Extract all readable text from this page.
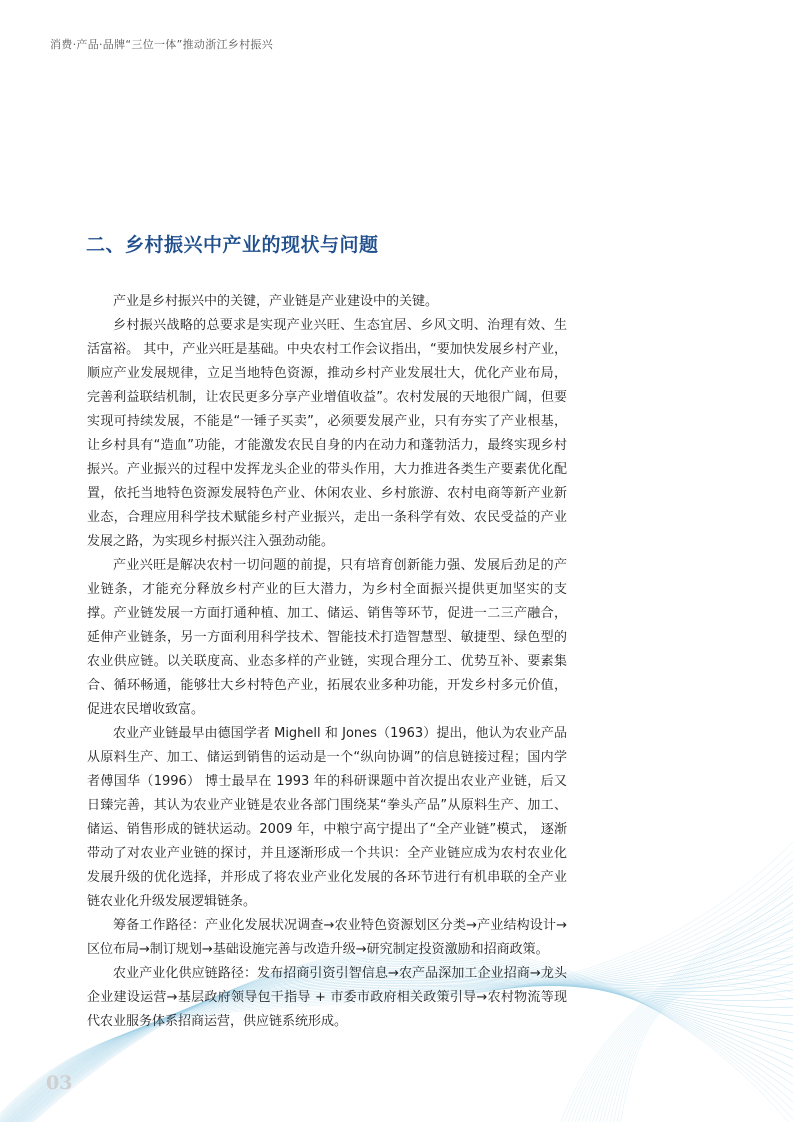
消费·产品·品牌“三位一体”推动浙江乡村振兴
二、乡村振兴中产业的现状与问题

产业是乡村振兴中的关键，产业链是产业建设中的关键。

乡村振兴战略的总要求是实现产业兴旺、生态宜居、乡风文明、治理有效、生活富裕。 其中，产业兴旺是基础。中央农村工作会议指出，“要加快发展乡村产业，顺应产业发展规律，立足当地特色资源，推动乡村产业发展壮大，优化产业布局，完善利益联结机制，让农民更多分享产业增值收益”。农村发展的天地很广阔，但要实现可持续发展，不能是“一锤子买卖”，必须要发展产业，只有夯实了产业根基，让乡村具有“造血”功能，才能激发农民自身的内在动力和蓬勃活力，最终实现乡村振兴。产业振兴的过程中发挥龙头企业的带头作用，大力推进各类生产要素优化配置，依托当地特色资源发展特色产业、休闲农业、乡村旅游、农村电商等新产业新业态，合理应用科学技术赋能乡村产业振兴，走出一条科学有效、农民受益的产业发展之路，为实现乡村振兴注入强劲动能。

产业兴旺是解决农村一切问题的前提，只有培育创新能力强、发展后劲足的产业链条，才能充分释放乡村产业的巨大潜力，为乡村全面振兴提供更加坚实的支撑。产业链发展一方面打通种植、加工、储运、销售等环节，促进一二三产融合，延伸产业链条，另一方面利用科学技术、智能技术打造智慧型、敏捷型、绿色型的农业供应链。以关联度高、业态多样的产业链，实现合理分工、优势互补、要素集合、循环畅通，能够壮大乡村特色产业，拓展农业多种功能，开发乡村多元价值，促进农民增收致富。

农业产业链最早由德国学者 Mighell 和 Jones（1963）提出，他认为农业产品从原料生产、加工、储运到销售的运动是一个“纵向协调”的信息链接过程；国内学者傅国华（1996） 博士最早在 1993 年的科研课题中首次提出农业产业链，后又日臻完善，其认为农业产业链是农业各部门围绕某“拳头产品”从原料生产、加工、储运、销售形成的链状运动。2009 年，中粮宁高宁提出了“全产业链”模式， 逐渐带动了对农业产业链的探讨，并且逐渐形成一个共识：全产业链应成为农村农业化发展升级的优化选择，并形成了将农业产业化发展的各环节进行有机串联的全产业链农业化升级发展逻辑链条。

筹备工作路径：产业化发展状况调查→农业特色资源划区分类→产业结构设计→区位布局→制订规划→基础设施完善与改造升级→研究制定投资激励和招商政策。

农业产业化供应链路径：发布招商引资引智信息→农产品深加工企业招商→龙头企业建设运营→基层政府领导包干指导 + 市委市政府相关政策引导→农村物流等现代农业服务体系招商运营，供应链系统形成。

03
